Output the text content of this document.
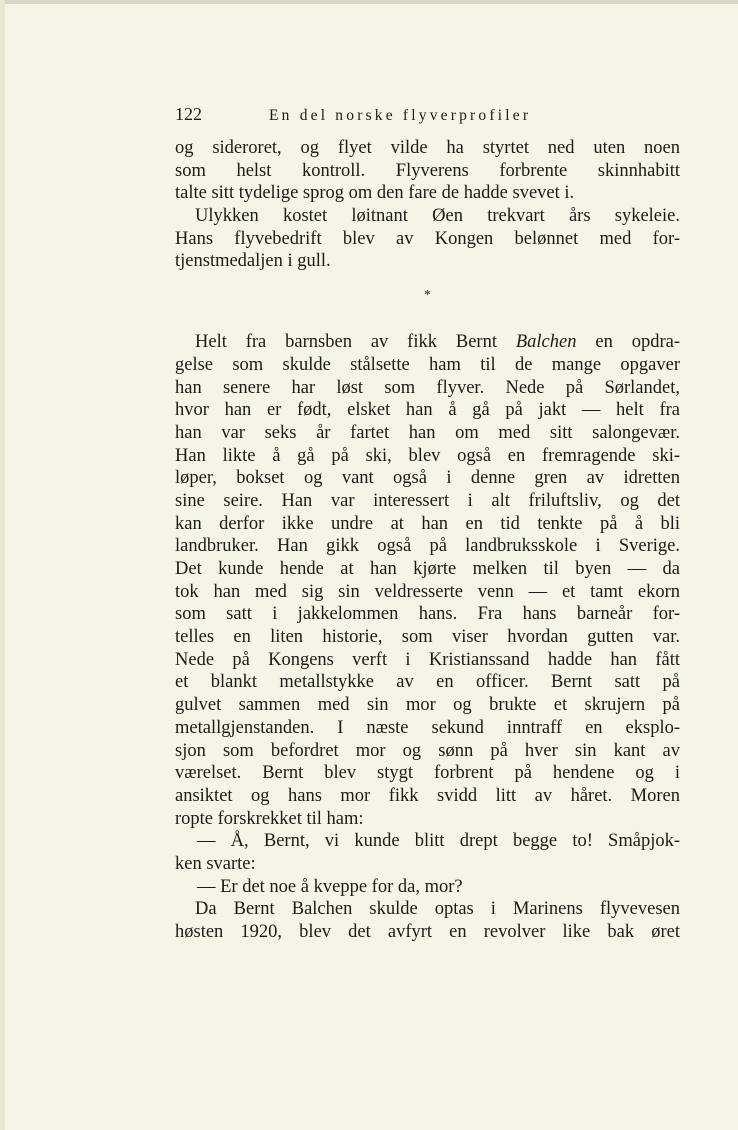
122	En del norske flyverprofiler
og sideroret, og flyet vilde ha styrtet ned uten noen
som helst kontroll. Flyverens forbrente skinnhabitt
talte sitt tydelige sprog om den fare de hadde svevet i.
Ulykken kostet løitnant Øen trekvart års sykeleie.
Hans flyvebedrift blev av Kongen belønnet med for-
tjenstmedaljen i gull.
*
Helt fra barnsben av fikk Bernt Balchen en opdra-
gelse som skulde stålsette ham til de mange opgaver
han senere har løst som flyver. Nede på Sørlandet,
hvor han er født, elsket han å gå på jakt — helt fra
han var seks år fartet han om med sitt salongevær.
Han likte å gå på ski, blev også en fremragende ski-
løper, bokset og vant også i denne gren av idretten
sine seire. Han var interessert i alt friluftsliv, og det
kan derfor ikke undre at han en tid tenkte på å bli
landbruker. Han gikk også på landbruksskole i Sverige.
Det kunde hende at han kjørte melken til byen — da
tok han med sig sin veldresserte venn — et tamt ekorn
som satt i jakkelommen hans. Fra hans barneår for-
telles en liten historie, som viser hvordan gutten var.
Nede på Kongens verft i Kristianssand hadde han fått
et blankt metallstykke av en officer. Bernt satt på
gulvet sammen med sin mor og brukte et skrujern på
metallgjenstanden. I næste sekund inntraff en eksplo-
sjon som befordret mor og sønn på hver sin kant av
værelset. Bernt blev stygt forbrent på hendene og i
ansiktet og hans mor fikk svidd litt av håret. Moren
ropte forskrekket til ham:
— Å, Bernt, vi kunde blitt drept begge to! Småpjok-
ken svarte:
— Er det noe å kveppe for da, mor?
Da Bernt Balchen skulde optas i Marinens flyvevesen
høsten 1920, blev det avfyrt en revolver like bak øret
